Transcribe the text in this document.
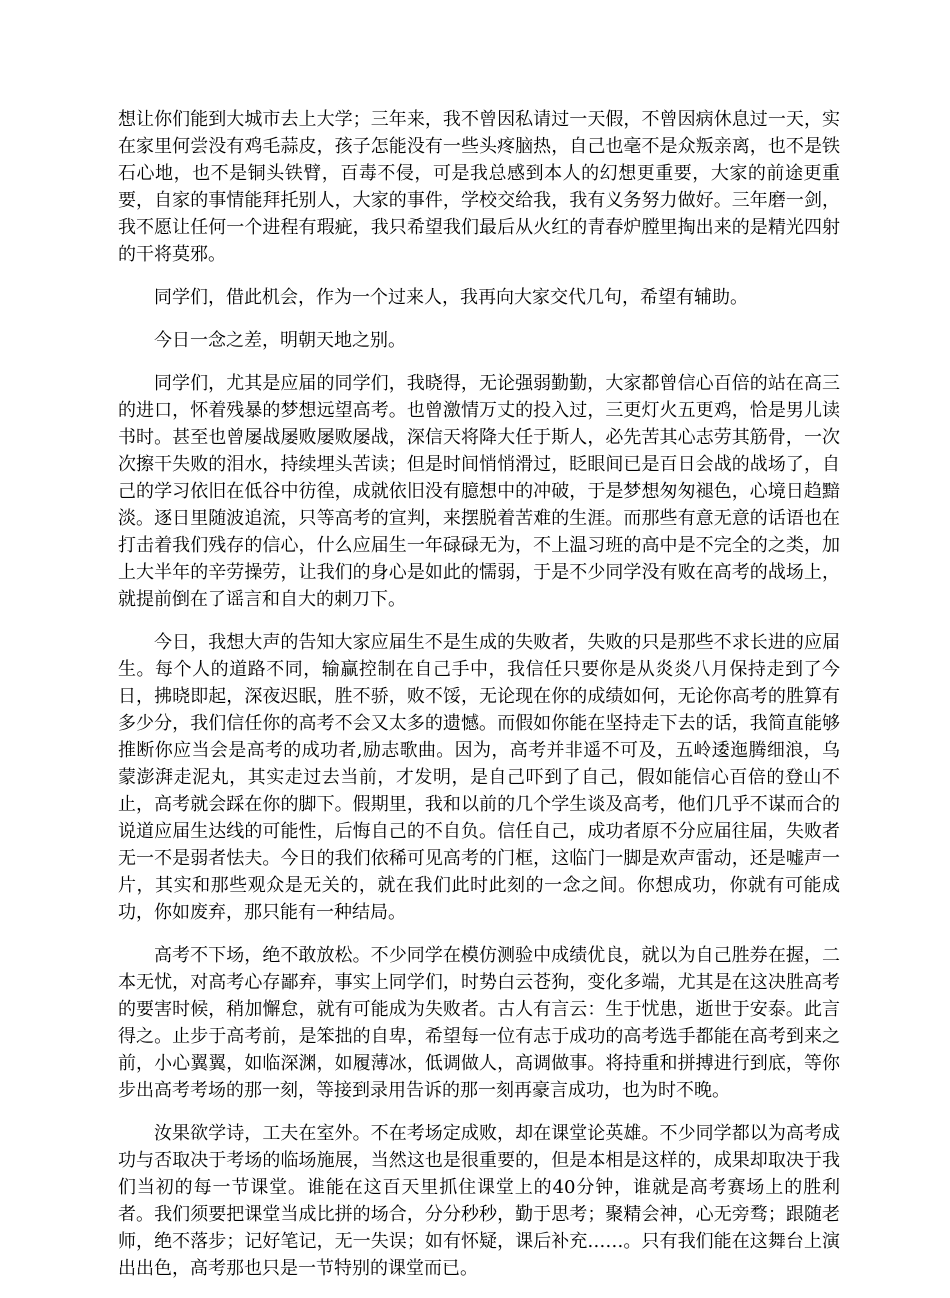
想让你们能到大城市去上大学；三年来，我不曾因私请过一天假，不曾因病休息过一天，实在家里何尝没有鸡毛蒜皮，孩子怎能没有一些头疼脑热，自己也毫不是众叛亲离，也不是铁石心地，也不是铜头铁臂，百毒不侵，可是我总感到本人的幻想更重要，大家的前途更重要，自家的事情能拜托别人，大家的事件，学校交给我，我有义务努力做好。三年磨一剑，我不愿让任何一个进程有瑕疵，我只希望我们最后从火红的青春炉膛里掏出来的是精光四射的干将莫邪。

同学们，借此机会，作为一个过来人，我再向大家交代几句，希望有辅助。

今日一念之差，明朝天地之别。

同学们，尤其是应届的同学们，我晓得，无论强弱勤勤，大家都曾信心百倍的站在高三的进口，怀着残暴的梦想远望高考。也曾激情万丈的投入过，三更灯火五更鸡，恰是男儿读书时。甚至也曾屡战屡败屡败屡战，深信天将降大任于斯人，必先苦其心志劳其筋骨，一次次擦干失败的泪水，持续埋头苦读；但是时间悄悄滑过，眨眼间已是百日会战的战场了，自己的学习依旧在低谷中彷徨，成就依旧没有臆想中的冲破，于是梦想匆匆褪色，心境日趋黯淡。逐日里随波追流，只等高考的宣判，来摆脱着苦难的生涯。而那些有意无意的话语也在打击着我们残存的信心，什么应届生一年碌碌无为，不上温习班的高中是不完全的之类，加上大半年的辛劳操劳，让我们的身心是如此的懦弱，于是不少同学没有败在高考的战场上，就提前倒在了谣言和自大的刺刀下。

今日，我想大声的告知大家应届生不是生成的失败者，失败的只是那些不求长进的应届生。每个人的道路不同，输赢控制在自己手中，我信任只要你是从炎炎八月保持走到了今日，拂晓即起，深夜迟眠，胜不骄，败不馁，无论现在你的成绩如何，无论你高考的胜算有多少分，我们信任你的高考不会又太多的遗憾。而假如你能在坚持走下去的话，我简直能够推断你应当会是高考的成功者,励志歌曲。因为，高考并非遥不可及，五岭逶迤腾细浪，乌蒙澎湃走泥丸，其实走过去当前，才发明，是自己吓到了自己，假如能信心百倍的登山不止，高考就会踩在你的脚下。假期里，我和以前的几个学生谈及高考，他们几乎不谋而合的说道应届生达线的可能性，后悔自己的不自负。信任自己，成功者原不分应届往届，失败者无一不是弱者怯夫。今日的我们依稀可见高考的门框，这临门一脚是欢声雷动，还是嘘声一片，其实和那些观众是无关的，就在我们此时此刻的一念之间。你想成功，你就有可能成功，你如废弃，那只能有一种结局。

高考不下场，绝不敢放松。不少同学在模仿测验中成绩优良，就以为自己胜券在握，二本无忧，对高考心存鄙弃，事实上同学们，时势白云苍狗，变化多端，尤其是在这决胜高考的要害时候，稍加懈怠，就有可能成为失败者。古人有言云：生于忧患，逝世于安泰。此言得之。止步于高考前，是笨拙的自卑，希望每一位有志于成功的高考选手都能在高考到来之前，小心翼翼，如临深渊，如履薄冰，低调做人，高调做事。将持重和拼搏进行到底，等你步出高考考场的那一刻，等接到录用告诉的那一刻再豪言成功，也为时不晚。

汝果欲学诗，工夫在室外。不在考场定成败，却在课堂论英雄。不少同学都以为高考成功与否取决于考场的临场施展，当然这也是很重要的，但是本相是这样的，成果却取决于我们当初的每一节课堂。谁能在这百天里抓住课堂上的40分钟，谁就是高考赛场上的胜利者。我们须要把课堂当成比拼的场合，分分秒秒，勤于思考；聚精会神，心无旁骛；跟随老师，绝不落步；记好笔记，无一失误；如有怀疑，课后补充……。只有我们能在这舞台上演出出色，高考那也只是一节特别的课堂而已。
